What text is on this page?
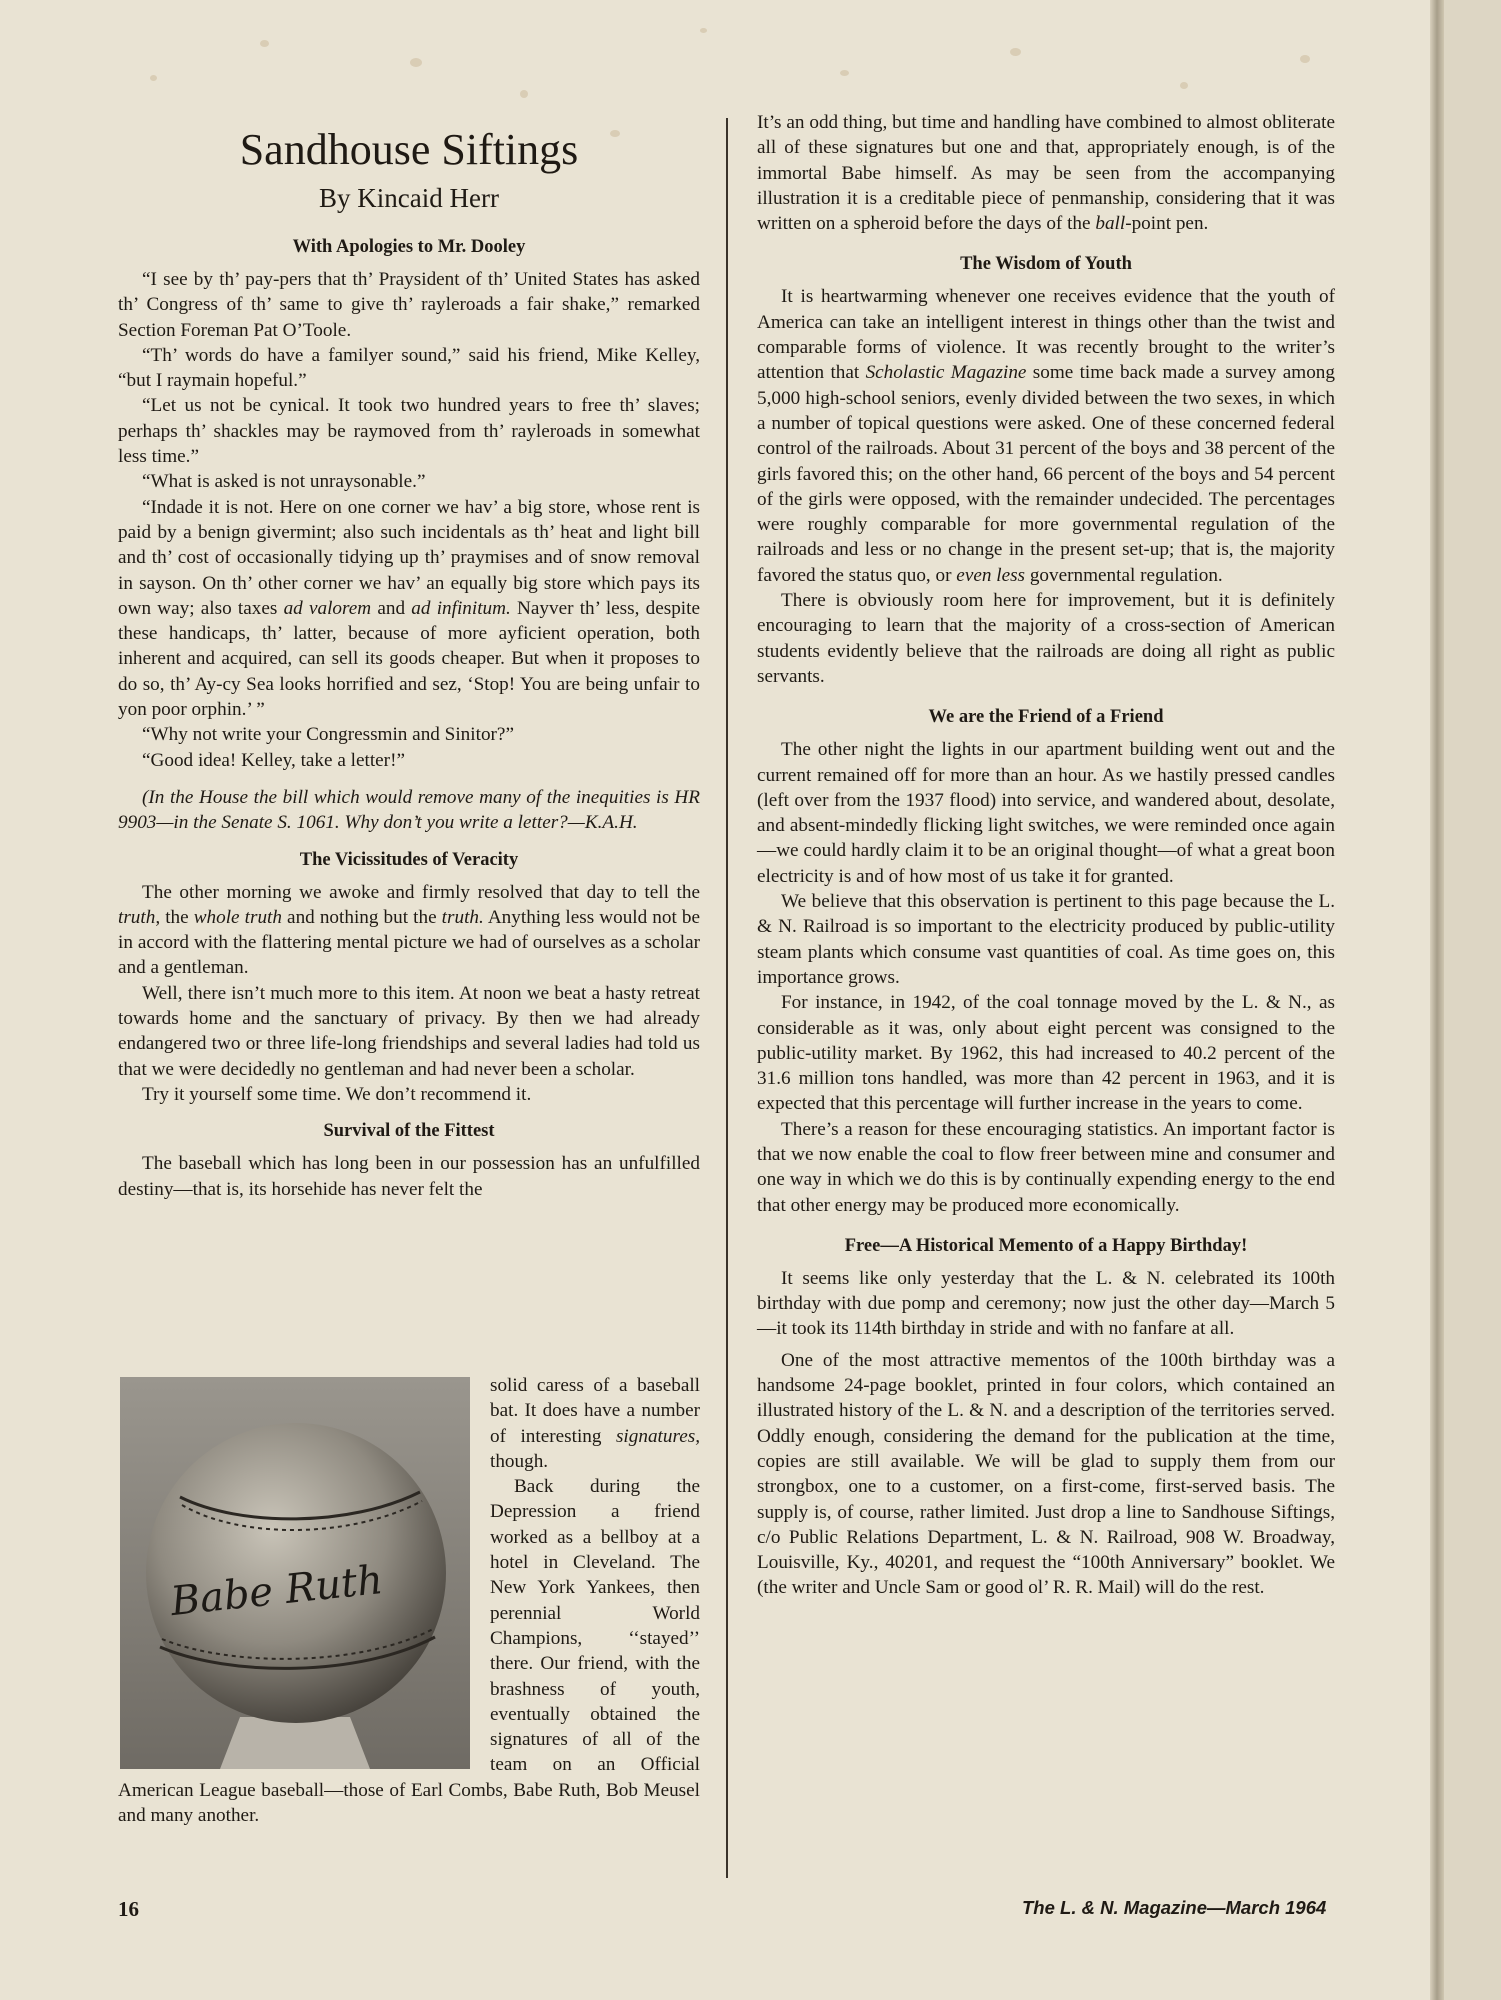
Sandhouse Siftings
By Kincaid Herr
With Apologies to Mr. Dooley

“I see by th’ pay-pers that th’ Praysident of th’ United States has asked th’ Congress of th’ same to give th’ rayleroads a fair shake,” remarked Section Foreman Pat O’Toole.

“Th’ words do have a familyer sound,” said his friend, Mike Kelley, “but I raymain hopeful.”

“Let us not be cynical. It took two hundred years to free th’ slaves; perhaps th’ shackles may be raymoved from th’ rayleroads in somewhat less time.”

“What is asked is not unraysonable.”

“Indade it is not. Here on one corner we hav’ a big store, whose rent is paid by a benign givermint; also such incidentals as th’ heat and light bill and th’ cost of occasionally tidying up th’ praymises and of snow removal in sayson. On th’ other corner we hav’ an equally big store which pays its own way; also taxes ad valorem and ad infinitum. Nayver th’ less, despite these handicaps, th’ latter, because of more ayficient operation, both inherent and acquired, can sell its goods cheaper. But when it proposes to do so, th’ Ay-cy Sea looks horrified and sez, ‘Stop! You are being unfair to yon poor orphin.’ ”

“Why not write your Congressmin and Sinitor?”

“Good idea! Kelley, take a letter!”

(In the House the bill which would remove many of the inequities is HR 9903—in the Senate S. 1061. Why don’t you write a letter?—K.A.H.

The Vicissitudes of Veracity

The other morning we awoke and firmly resolved that day to tell the truth, the whole truth and nothing but the truth. Anything less would not be in accord with the flattering mental picture we had of ourselves as a scholar and a gentleman.

Well, there isn’t much more to this item. At noon we beat a hasty retreat towards home and the sanctuary of privacy. By then we had already endangered two or three life-long friendships and several ladies had told us that we were decidedly no gentleman and had never been a scholar.

Try it yourself some time. We don’t recommend it.

Survival of the Fittest

The baseball which has long been in our possession has an unfulfilled destiny—that is, its horsehide has never felt the

Babe Ruth

solid caress of a baseball bat. It does have a number of interesting signatures, though.

Back during the Depression a friend worked as a bellboy at a hotel in Cleveland. The New York Yankees, then perennial World Champions, ‘‘stayed’’ there. Our friend, with the brashness of youth, eventually obtained the signatures of all of the team on an Official American League baseball—those of Earl Combs, Babe Ruth, Bob Meusel and many another.

It’s an odd thing, but time and handling have combined to almost obliterate all of these signatures but one and that, appropriately enough, is of the immortal Babe himself. As may be seen from the accompanying illustration it is a creditable piece of penmanship, considering that it was written on a spheroid before the days of the ball-point pen.

The Wisdom of Youth

It is heartwarming whenever one receives evidence that the youth of America can take an intelligent interest in things other than the twist and comparable forms of violence. It was recently brought to the writer’s attention that Scholastic Magazine some time back made a survey among 5,000 high-school seniors, evenly divided between the two sexes, in which a number of topical questions were asked. One of these concerned federal control of the railroads. About 31 percent of the boys and 38 percent of the girls favored this; on the other hand, 66 percent of the boys and 54 percent of the girls were opposed, with the remainder undecided. The percentages were roughly comparable for more governmental regulation of the railroads and less or no change in the present set-up; that is, the majority favored the status quo, or even less governmental regulation.

There is obviously room here for improvement, but it is definitely encouraging to learn that the majority of a cross-section of American students evidently believe that the railroads are doing all right as public servants.

We are the Friend of a Friend

The other night the lights in our apartment building went out and the current remained off for more than an hour. As we hastily pressed candles (left over from the 1937 flood) into service, and wandered about, desolate, and absent-mindedly flicking light switches, we were reminded once again—we could hardly claim it to be an original thought—of what a great boon electricity is and of how most of us take it for granted.

We believe that this observation is pertinent to this page because the L. & N. Railroad is so important to the electricity produced by public-utility steam plants which consume vast quantities of coal. As time goes on, this importance grows.

For instance, in 1942, of the coal tonnage moved by the L. & N., as considerable as it was, only about eight percent was consigned to the public-utility market. By 1962, this had increased to 40.2 percent of the 31.6 million tons handled, was more than 42 percent in 1963, and it is expected that this percentage will further increase in the years to come.

There’s a reason for these encouraging statistics. An important factor is that we now enable the coal to flow freer between mine and consumer and one way in which we do this is by continually expending energy to the end that other energy may be produced more economically.

Free—A Historical Memento of a Happy Birthday!

It seems like only yesterday that the L. & N. celebrated its 100th birthday with due pomp and ceremony; now just the other day—March 5—it took its 114th birthday in stride and with no fanfare at all.

One of the most attractive mementos of the 100th birthday was a handsome 24-page booklet, printed in four colors, which contained an illustrated history of the L. & N. and a description of the territories served. Oddly enough, considering the demand for the publication at the time, copies are still available. We will be glad to supply them from our strongbox, one to a customer, on a first-come, first-served basis. The supply is, of course, rather limited. Just drop a line to Sandhouse Siftings, c/o Public Relations Department, L. & N. Railroad, 908 W. Broadway, Louisville, Ky., 40201, and request the “100th Anniversary” booklet. We (the writer and Uncle Sam or good ol’ R. R. Mail) will do the rest.

16	The L. & N. Magazine—March 1964
